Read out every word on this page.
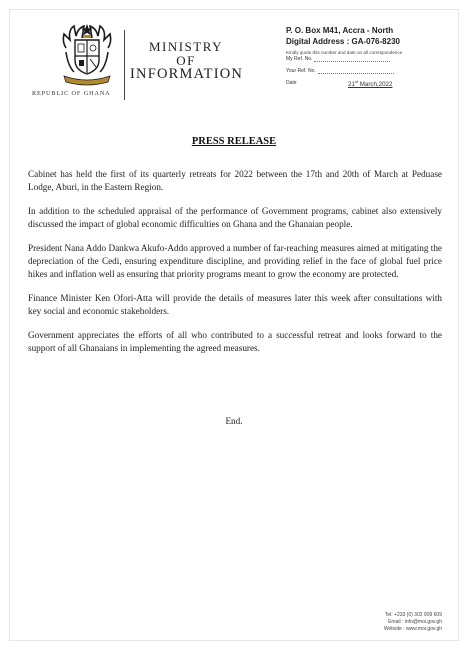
REPUBLIC OF GHANA
MINISTRY
OF
INFORMATION
P. O. Box M41, Accra - North
Digital Address : GA-076-8230
Kindly quote this number and date on all correspondence
My Ref. No.
Your Ref. No.
Date	21st March,2022
PRESS RELEASE

Cabinet has held the first of its quarterly retreats for 2022 between the 17th and 20th of March at Peduase Lodge, Aburi, in the Eastern Region.

In addition to the scheduled appraisal of the performance of Government programs, cabinet also extensively discussed the impact of global economic difficulties on Ghana and the Ghanaian people.

President Nana Addo Dankwa Akufo-Addo approved a number of far-reaching measures aimed at mitigating the depreciation of the Cedi, ensuring expenditure discipline, and providing relief in the face of global fuel price hikes and inflation well as ensuring that priority programs meant to grow the economy are protected.

Finance Minister Ken Ofori-Atta will provide the details of measures later this week after consultations with key social and economic stakeholders.

Government appreciates the efforts of all who contributed to a successful retreat and looks forward to the support of all Ghanaians in implementing the agreed measures.

End.
Tel: +233 (0) 302 909 609
Email : info@moi.gov.gh
Website : www.moi.gov.gh
